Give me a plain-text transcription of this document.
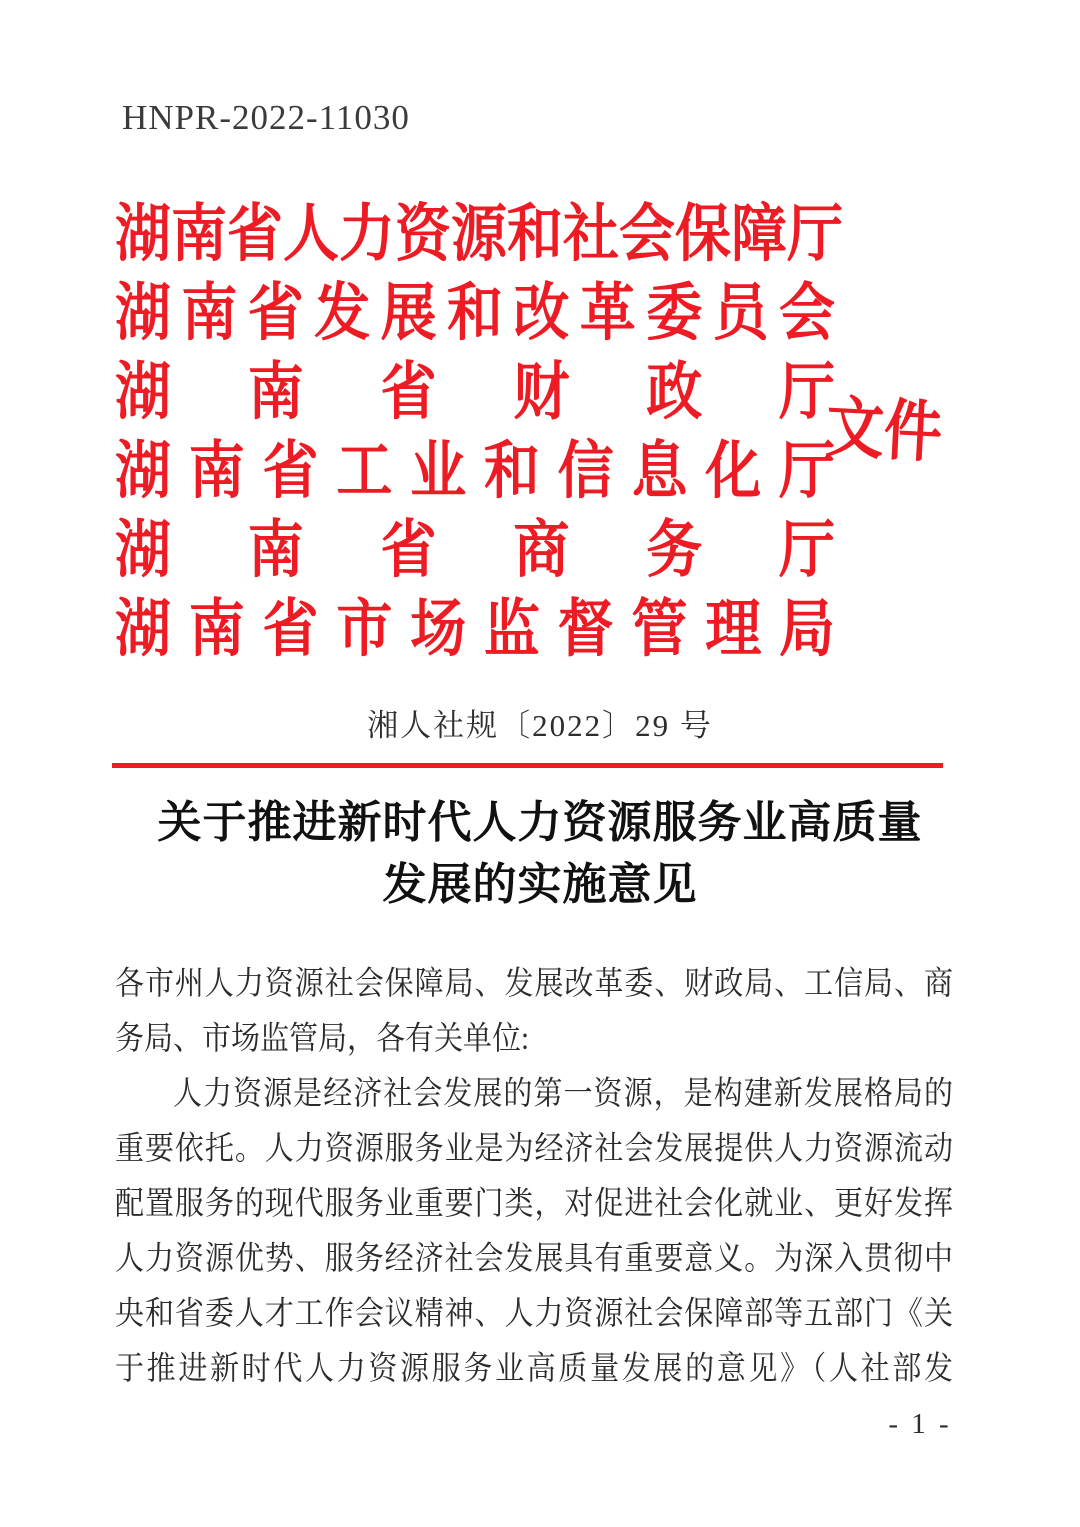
HNPR-2022-11030
湖南省人力资源和社会保障厅
湖南省发展和改革委员会
湖南省财政厅
湖南省工业和信息化厅
湖南省商务厅
湖南省市场监督管理局
文件
湘人社规〔2022〕29 号
关于推进新时代人力资源服务业高质量
发展的实施意见
各市州人力资源社会保障局、发展改革委、财政局、工信局、商
务局、市场监管局，各有关单位:
人力资源是经济社会发展的第一资源，是构建新发展格局的
重要依托。人力资源服务业是为经济社会发展提供人力资源流动
配置服务的现代服务业重要门类，对促进社会化就业、更好发挥
人力资源优势、服务经济社会发展具有重要意义。为深入贯彻中
央和省委人才工作会议精神、人力资源社会保障部等五部门《关
于推进新时代人力资源服务业高质量发展的意见》（人社部发
- 1 -
